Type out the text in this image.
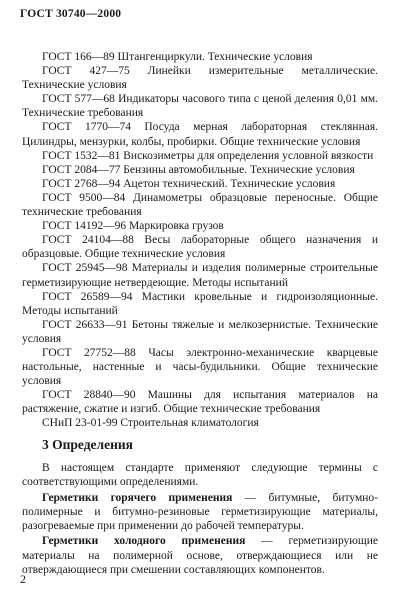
ГОСТ 30740—2000

ГОСТ 166—89 Штангенциркули. Технические условия

ГОСТ 427—75 Линейки измерительные металлические. Технические условия

ГОСТ 577—68 Индикаторы часового типа с ценой деления 0,01 мм. Технические требования

ГОСТ 1770—74 Посуда мерная лабораторная стеклянная. Цилиндры, мензурки, колбы, пробирки. Общие технические условия

ГОСТ 1532—81 Вискозиметры для определения условной вязкости

ГОСТ 2084—77 Бензины автомобильные. Технические условия

ГОСТ 2768—94 Ацетон технический. Технические условия

ГОСТ 9500—84 Динамометры образцовые переносные. Общие технические требования

ГОСТ 14192—96 Маркировка грузов

ГОСТ 24104—88 Весы лабораторные общего назначения и образцовые. Общие технические условия

ГОСТ 25945—98 Материалы и изделия полимерные строительные герметизирующие нетвердеющие. Методы испытаний

ГОСТ 26589—94 Мастики кровельные и гидроизоляционные. Методы испытаний

ГОСТ 26633—91 Бетоны тяжелые и мелкозернистые. Технические условия

ГОСТ 27752—88 Часы электронно-механические кварцевые настольные, настенные и часы-будильники. Общие технические условия

ГОСТ 28840—90 Машины для испытания материалов на растяжение, сжатие и изгиб. Общие технические требования

СНиП 23-01-99 Строительная климатология

3 Определения

В настоящем стандарте применяют следующие термины с соответствующими определениями.

Герметики горячего применения — битумные, битумно-полимерные и битумно-резиновые герметизирующие материалы, разогреваемые при применении до рабочей температуры.

Герметики холодного применения — герметизирующие материалы на полимерной основе, отверждающиеся или не отверждающиеся при смешении составляющих компонентов.

2
